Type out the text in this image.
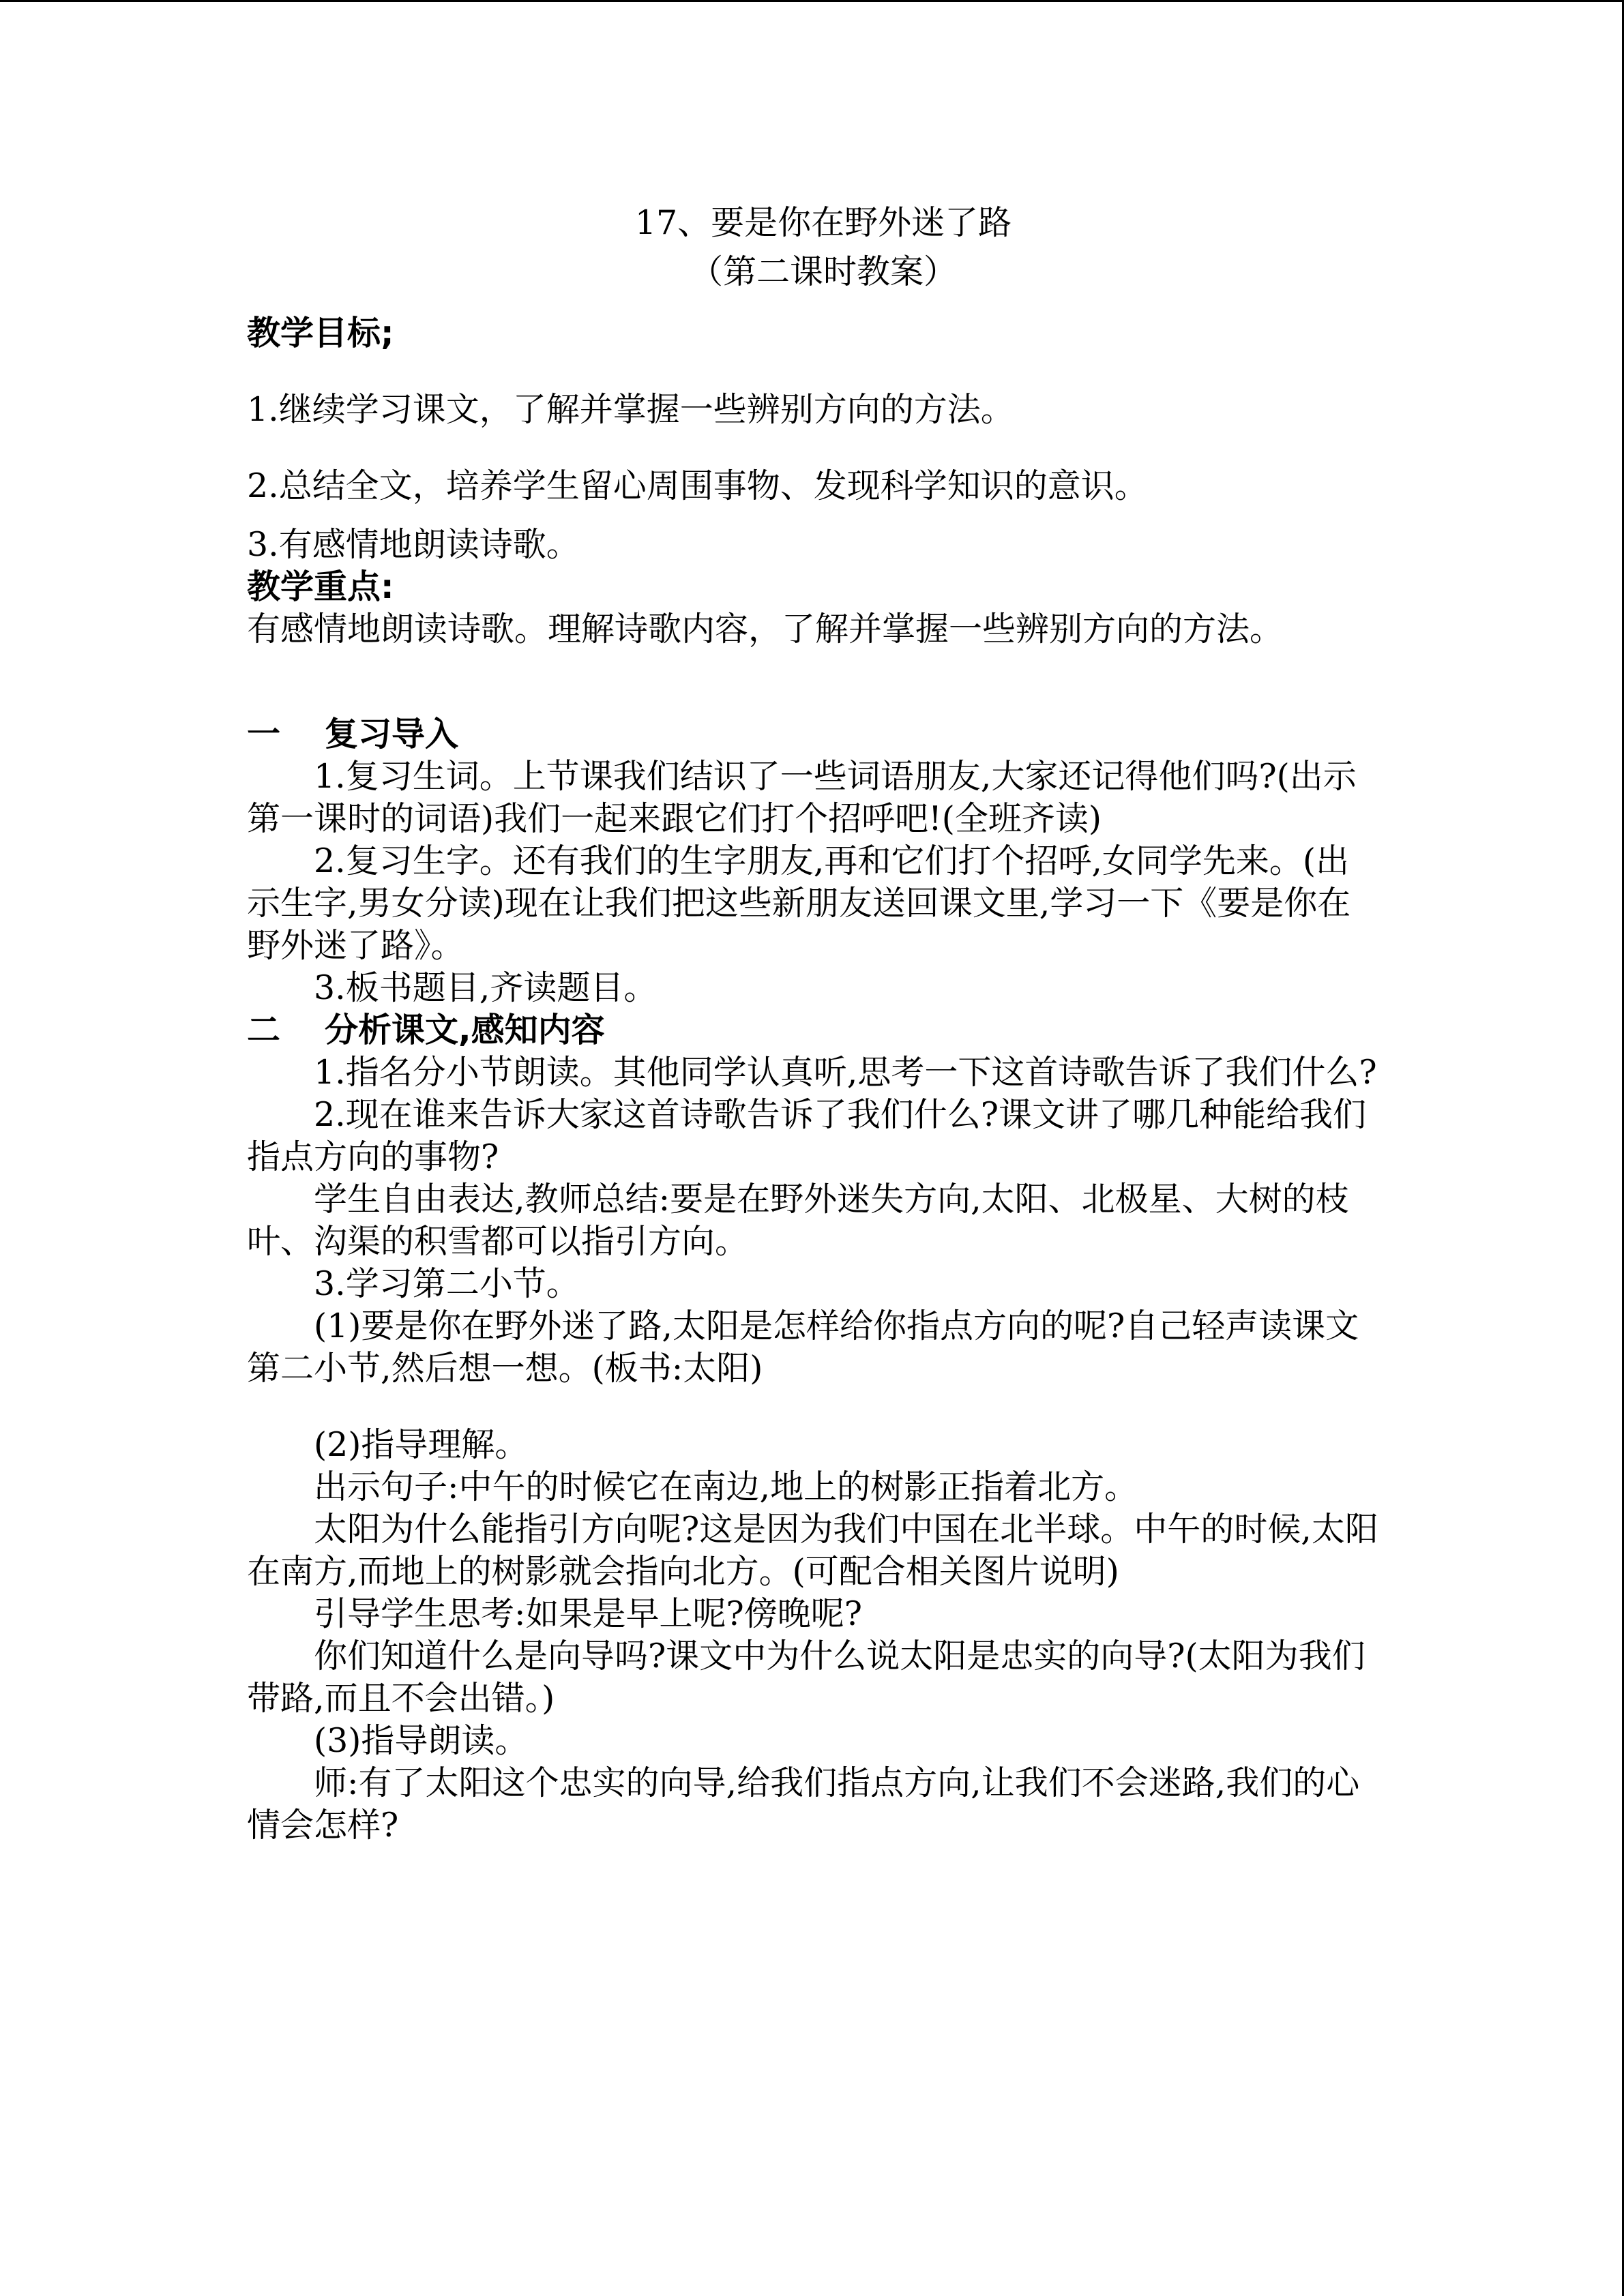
17、要是你在野外迷了路
（第二课时教案）

教学目标;

1.继续学习课文，了解并掌握一些辨别方向的方法。

2.总结全文，培养学生留心周围事物、发现科学知识的意识。

3.有感情地朗读诗歌。

教学重点:

有感情地朗读诗歌。理解诗歌内容，了解并掌握一些辨别方向的方法。

一 复习导入

1.复习生词。上节课我们结识了一些词语朋友,大家还记得他们吗?(出示第一课时的词语)我们一起来跟它们打个招呼吧!(全班齐读)

2.复习生字。还有我们的生字朋友,再和它们打个招呼,女同学先来。(出示生字,男女分读)现在让我们把这些新朋友送回课文里,学习一下《要是你在野外迷了路》。

3.板书题目,齐读题目。

二 分析课文,感知内容

1.指名分小节朗读。其他同学认真听,思考一下这首诗歌告诉了我们什么?

2.现在谁来告诉大家这首诗歌告诉了我们什么?课文讲了哪几种能给我们指点方向的事物?

学生自由表达,教师总结:要是在野外迷失方向,太阳、北极星、大树的枝叶、沟渠的积雪都可以指引方向。

3.学习第二小节。

(1)要是你在野外迷了路,太阳是怎样给你指点方向的呢?自己轻声读课文第二小节,然后想一想。(板书:太阳)

(2)指导理解。

出示句子:中午的时候它在南边,地上的树影正指着北方。

太阳为什么能指引方向呢?这是因为我们中国在北半球。中午的时候,太阳在南方,而地上的树影就会指向北方。(可配合相关图片说明)

引导学生思考:如果是早上呢?傍晚呢?

你们知道什么是向导吗?课文中为什么说太阳是忠实的向导?(太阳为我们带路,而且不会出错。)

(3)指导朗读。

师:有了太阳这个忠实的向导,给我们指点方向,让我们不会迷路,我们的心情会怎样?
